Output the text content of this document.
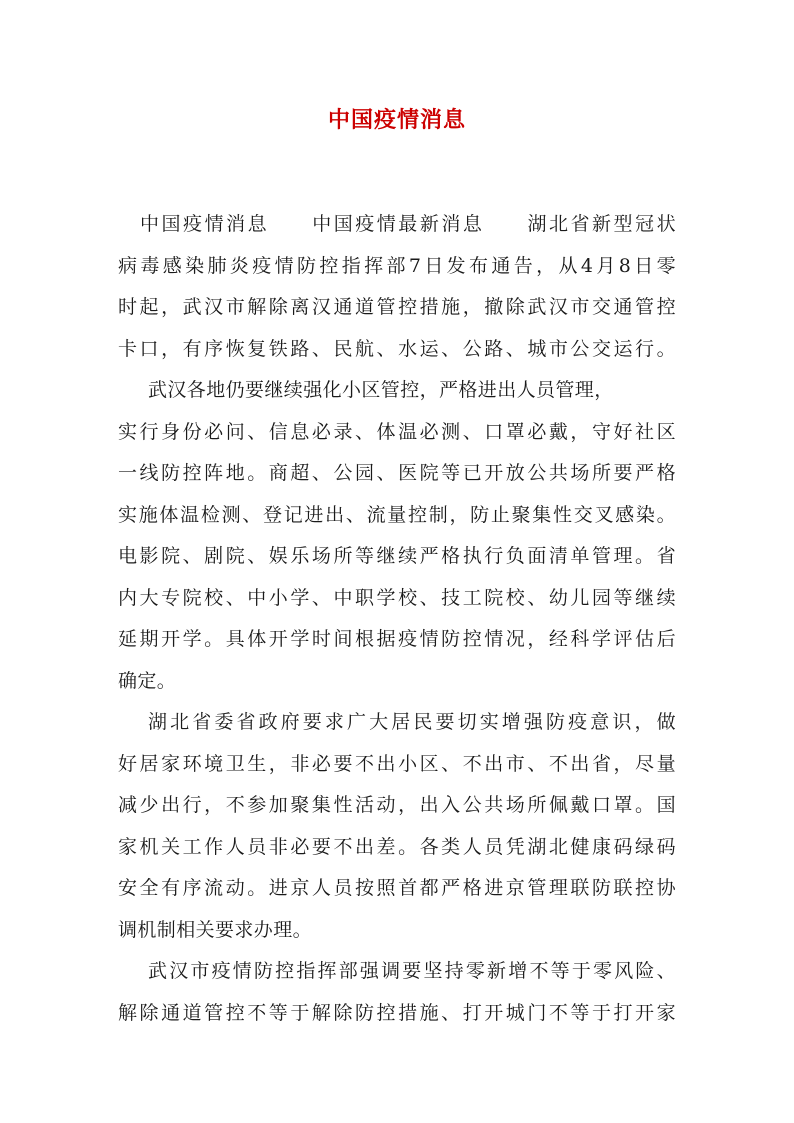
中国疫情消息
中国疫情消息　　中国疫情最新消息　　湖北省新型冠状
病毒感染肺炎疫情防控指挥部7日发布通告，从4月8日零
时起，武汉市解除离汉通道管控措施，撤除武汉市交通管控
卡口，有序恢复铁路、民航、水运、公路、城市公交运行。
武汉各地仍要继续强化小区管控，严格进出人员管理，
实行身份必问、信息必录、体温必测、口罩必戴，守好社区
一线防控阵地。商超、公园、医院等已开放公共场所要严格
实施体温检测、登记进出、流量控制，防止聚集性交叉感染。
电影院、剧院、娱乐场所等继续严格执行负面清单管理。省
内大专院校、中小学、中职学校、技工院校、幼儿园等继续
延期开学。具体开学时间根据疫情防控情况，经科学评估后
确定。
湖北省委省政府要求广大居民要切实增强防疫意识，做
好居家环境卫生，非必要不出小区、不出市、不出省，尽量
减少出行，不参加聚集性活动，出入公共场所佩戴口罩。国
家机关工作人员非必要不出差。各类人员凭湖北健康码绿码
安全有序流动。进京人员按照首都严格进京管理联防联控协
调机制相关要求办理。
武汉市疫情防控指挥部强调要坚持零新增不等于零风险、
解除通道管控不等于解除防控措施、打开城门不等于打开家
